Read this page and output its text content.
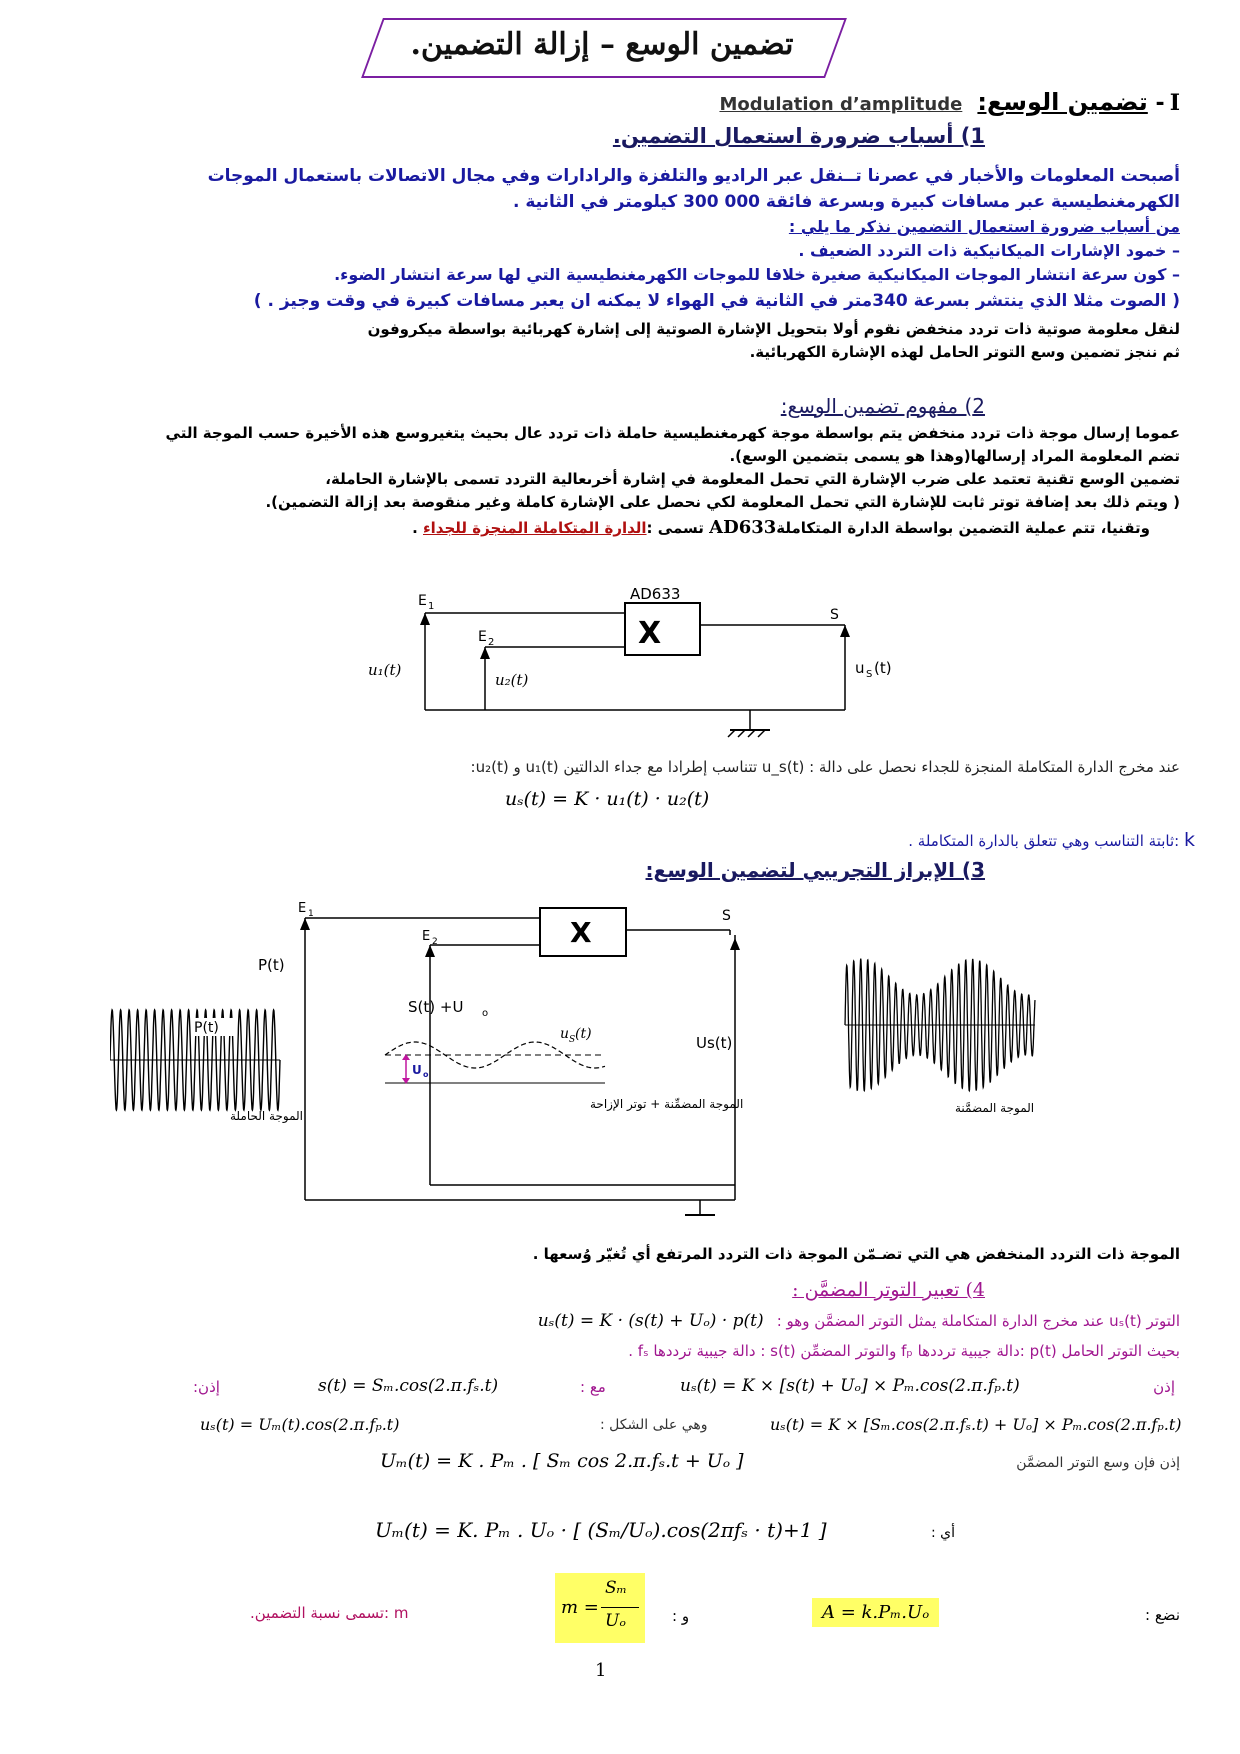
تضمين الوسع – إزالة التضمين.
I - تضمين الوسع: Modulation d’amplitude
1) أسباب ضرورة استعمال التضمين.
أصبحت المعلومات والأخبار في عصرنا تــنقل عبر الراديو والتلفزة والرادارات وفي مجال الاتصالات باستعمال الموجات الكهرمغنطيسية عبر مسافات كبيرة وبسرعة فائقة 000 300 كيلومتر في الثانية .
من أسباب ضرورة استعمال التضمين نذكر ما يلي :
– خمود الإشارات الميكانيكية ذات التردد الضعيف .
– كون سرعة انتشار الموجات الميكانيكية صغيرة خلافا للموجات الكهرمغنطيسية التي لها سرعة انتشار الضوء.
( الصوت مثلا الذي ينتشر بسرعة 340متر في الثانية في الهواء لا يمكنه ان يعبر مسافات كبيرة في وقت وجيز . )
لنقل معلومة صوتية ذات تردد منخفض نقوم أولا بتحويل الإشارة الصوتية إلى إشارة كهربائية بواسطة ميكروفون
ثم ننجز تضمين وسع التوتر الحامل لهذه الإشارة الكهربائية.
2) مفهوم تضمين الوسع:
عموما إرسال موجة ذات تردد منخفض يتم بواسطة موجة كهرمغنطيسية حاملة ذات تردد عال بحيث يتغيروسع هذه الأخيرة حسب الموجة التي
تضم المعلومة المراد إرسالها(وهذا هو يسمى بتضمين الوسع).
تضمين الوسع تقنية تعتمد على ضرب الإشارة التي تحمل المعلومة في إشارة أخرىعالية التردد تسمى بالإشارة الحاملة،
( ويتم ذلك بعد إضافة توتر ثابت للإشارة التي تحمل المعلومة لكي نحصل على الإشارة كاملة وغير منقوصة بعد إزالة التضمين).
وتقنيا، تتم عملية التضمين بواسطة الدارة المتكاملةAD633 تسمى :الدارة المتكاملة المنجزة للجداء .
X
AD633
E 1
E 2
S
u₁(t)
u₂(t)
u S (t)
عند مخرج الدارة المتكاملة المنجزة للجداء نحصل على دالة : u_s(t) تتناسب إطرادا مع جداء الدالتين u₁(t) و u₂(t):
uₛ(t) = K · u₁(t) · u₂(t)
k :ثابتة التناسب وهي تتعلق بالدارة المتكاملة .
3) الإبراز التجريبي لتضمين الوسع:
X
E 1
E 2
S
P(t)
Us(t)
P(t)
الموجة الحاملة
S(t) +U o
U o
u S (t)
الموجة المضمِّنة + توتر الإزاحة	الموجة المضمَّنة
الموجة ذات التردد المنخفض هي التي تضـمّن الموجة ذات التردد المرتفع أي تُغيّر وُسعها .
4) تعبير التوتر المضمَّن :
التوتر uₛ(t) عند مخرج الدارة المتكاملة يمثل التوتر المضمَّن وهو : uₛ(t) = K · (s(t) + Uₒ) · p(t)
بحيث التوتر الحامل p(t) :دالة جيبية ترددها fₚ والتوتر المضمِّن s(t) : دالة جيبية ترددها fₛ .
إذن
uₛ(t) = K × [s(t) + Uₒ] × Pₘ.cos(2.π.fₚ.t)
مع :
s(t) = Sₘ.cos(2.π.fₛ.t)
إذن:
uₛ(t) = K × [Sₘ.cos(2.π.fₛ.t) + Uₒ] × Pₘ.cos(2.π.fₚ.t)
وهي على الشكل :
uₛ(t) = Uₘ(t).cos(2.π.fₚ.t)
إذن فإن وسع التوتر المضمَّن
Uₘ(t) = K . Pₘ . [ Sₘ cos 2.π.fₛ.t + Uₒ ]
أي :
Uₘ(t) = K. Pₘ . Uₒ · [ (Sₘ/Uₒ).cos(2πfₛ · t)+1 ]
نضع :
A = k.Pₘ.Uₒ
: و
m =
Sₘ
Uₒ
m :تسمى نسبة التضمين.
1
